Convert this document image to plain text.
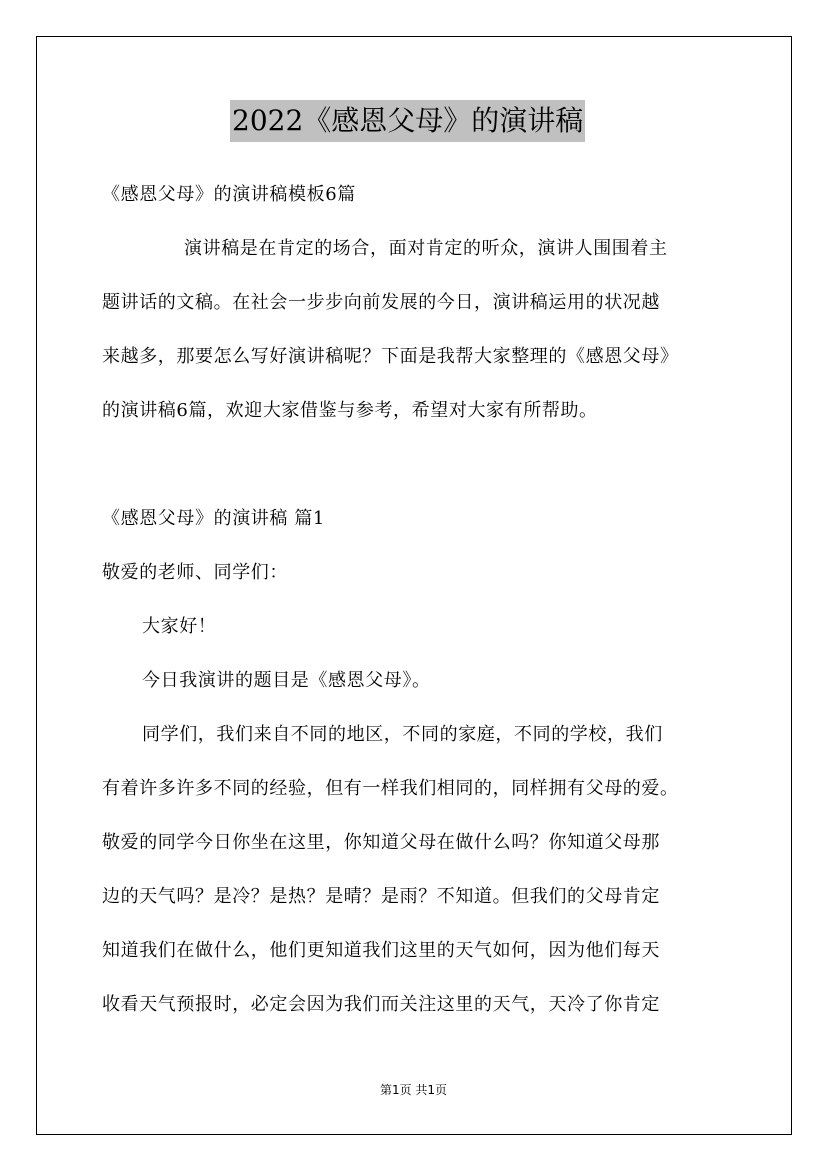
2022《感恩父母》的演讲稿
《感恩父母》的演讲稿模板6篇
演讲稿是在肯定的场合，面对肯定的听众，演讲人围围着主
题讲话的文稿。在社会一步步向前发展的今日，演讲稿运用的状况越
来越多，那要怎么写好演讲稿呢？下面是我帮大家整理的《感恩父母》
的演讲稿6篇，欢迎大家借鉴与参考，希望对大家有所帮助。
《感恩父母》的演讲稿 篇1
敬爱的老师、同学们：
大家好！
今日我演讲的题目是《感恩父母》。
同学们，我们来自不同的地区，不同的家庭，不同的学校，我们
有着许多许多不同的经验，但有一样我们相同的，同样拥有父母的爱。
敬爱的同学今日你坐在这里，你知道父母在做什么吗？你知道父母那
边的天气吗？是冷？是热？是晴？是雨？不知道。但我们的父母肯定
知道我们在做什么，他们更知道我们这里的天气如何，因为他们每天
收看天气预报时，必定会因为我们而关注这里的天气，天冷了你肯定
第1页 共1页
